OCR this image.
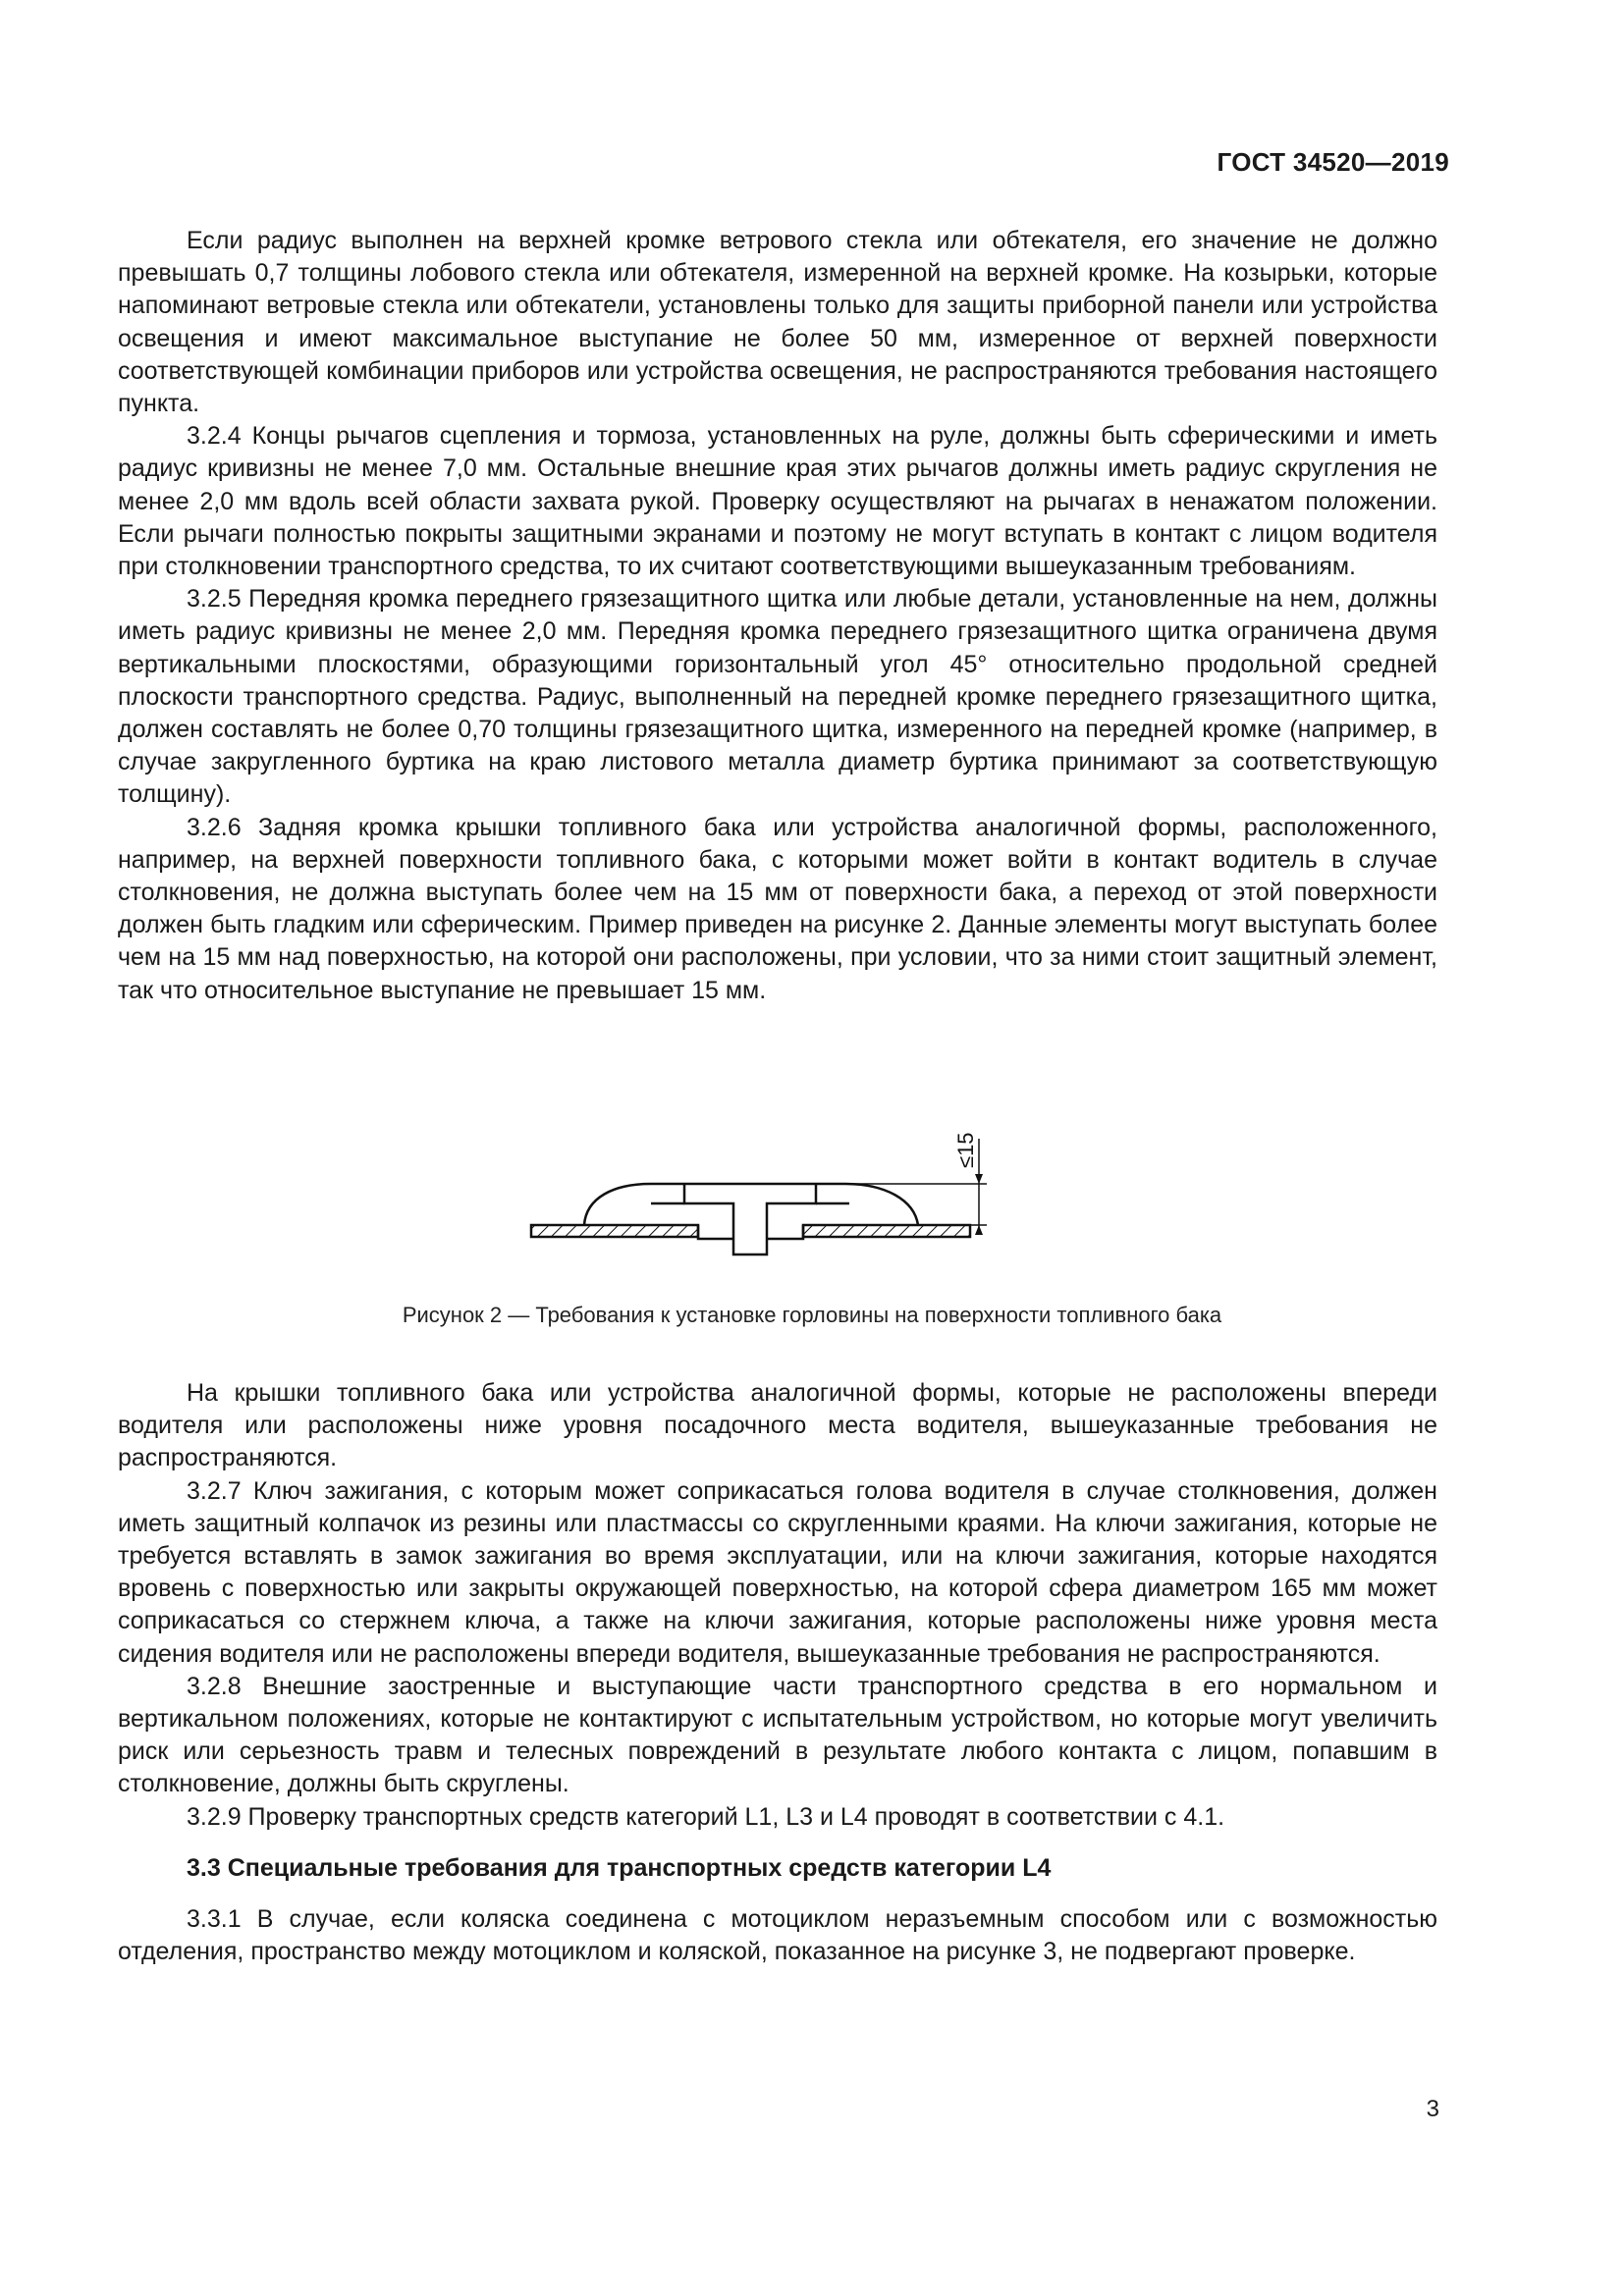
ГОСТ 34520—2019

Если радиус выполнен на верхней кромке ветрового стекла или обтекателя, его значение не должно превышать 0,7 толщины лобового стекла или обтекателя, измеренной на верхней кромке. На козырьки, которые напоминают ветровые стекла или обтекатели, установлены только для защиты приборной панели или устройства освещения и имеют максимальное выступание не более 50 мм, измеренное от верхней поверхности соответствующей комбинации приборов или устройства освещения, не распространяются требования настоящего пункта.

3.2.4 Концы рычагов сцепления и тормоза, установленных на руле, должны быть сферическими и иметь радиус кривизны не менее 7,0 мм. Остальные внешние края этих рычагов должны иметь радиус скругления не менее 2,0 мм вдоль всей области захвата рукой. Проверку осуществляют на рычагах в ненажатом положении. Если рычаги полностью покрыты защитными экранами и поэтому не могут вступать в контакт с лицом водителя при столкновении транспортного средства, то их считают соответствующими вышеуказанным требованиям.

3.2.5 Передняя кромка переднего грязезащитного щитка или любые детали, установленные на нем, должны иметь радиус кривизны не менее 2,0 мм. Передняя кромка переднего грязезащитного щитка ограничена двумя вертикальными плоскостями, образующими горизонтальный угол 45° относительно продольной средней плоскости транспортного средства. Радиус, выполненный на передней кромке переднего грязезащитного щитка, должен составлять не более 0,70 толщины грязезащитного щитка, измеренного на передней кромке (например, в случае закругленного буртика на краю листового металла диаметр буртика принимают за соответствующую толщину).

3.2.6 Задняя кромка крышки топливного бака или устройства аналогичной формы, расположенного, например, на верхней поверхности топливного бака, с которыми может войти в контакт водитель в случае столкновения, не должна выступать более чем на 15 мм от поверхности бака, а переход от этой поверхности должен быть гладким или сферическим. Пример приведен на рисунке 2. Данные элементы могут выступать более чем на 15 мм над поверхностью, на которой они расположены, при условии, что за ними стоит защитный элемент, так что относительное выступание не превышает 15 мм.

≤15
Рисунок 2 — Требования к установке горловины на поверхности топливного бака

На крышки топливного бака или устройства аналогичной формы, которые не расположены впереди водителя или расположены ниже уровня посадочного места водителя, вышеуказанные требования не распространяются.

3.2.7 Ключ зажигания, с которым может соприкасаться голова водителя в случае столкновения, должен иметь защитный колпачок из резины или пластмассы со скругленными краями. На ключи зажигания, которые не требуется вставлять в замок зажигания во время эксплуатации, или на ключи зажигания, которые находятся вровень с поверхностью или закрыты окружающей поверхностью, на которой сфера диаметром 165 мм может соприкасаться со стержнем ключа, а также на ключи зажигания, которые расположены ниже уровня места сидения водителя или не расположены впереди водителя, вышеуказанные требования не распространяются.

3.2.8 Внешние заостренные и выступающие части транспортного средства в его нормальном и вертикальном положениях, которые не контактируют с испытательным устройством, но которые могут увеличить риск или серьезность травм и телесных повреждений в результате любого контакта с лицом, попавшим в столкновение, должны быть скруглены.

3.2.9 Проверку транспортных средств категорий L1, L3 и L4 проводят в соответствии с 4.1.

3.3 Специальные требования для транспортных средств категории L4

3.3.1 В случае, если коляска соединена с мотоциклом неразъемным способом или с возможностью отделения, пространство между мотоциклом и коляской, показанное на рисунке 3, не подвергают проверке.

3
